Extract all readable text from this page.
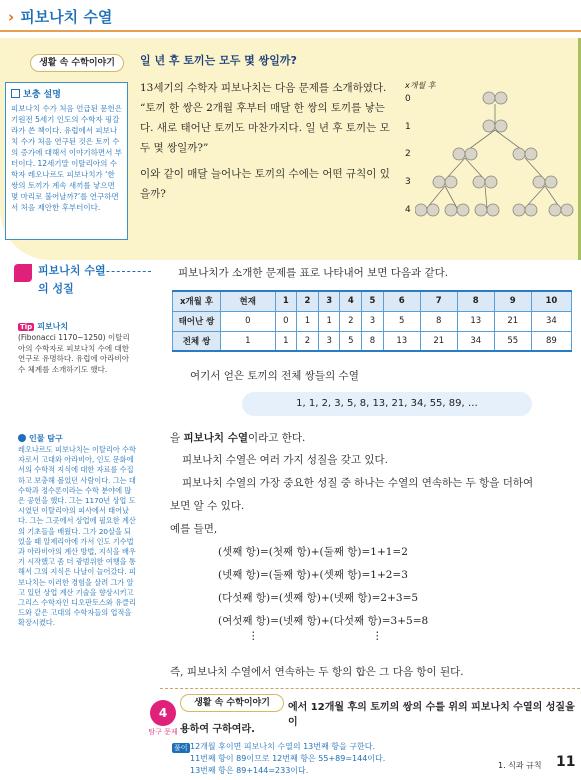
› 피보나치 수열
생활 속 수학이야기	일 년 후 토끼는 모두 몇 쌍일까?
보충 설명
피보나치 수가 처음 언급된 문헌은 기원전 5세기 인도의 수학자 핑갈라가 쓴 책이다. 유럽에서 피보나치 수가 처음 연구된 것은 토끼 수의 증가에 대해서 이야기하면서 부터이다. 12세기말 이탈리아의 수학자 레오나르도 피보나치가 ‘한 쌍의 토끼가 계속 새끼를 낳으면 몇 마리로 불어날까?’를 연구하면서 처음 제안한 후부터이다.
13세기의 수학자 피보나치는 다음 문제를 소개하였다. “토끼 한 쌍은 2개월 후부터 매달 한 쌍의 토끼를 낳는다. 새로 태어난 토끼도 마찬가지다. 일 년 후 토끼는 모두 몇 쌍일까?”
이와 같이 매달 늘어나는 토끼의 수에는 어떤 규칙이 있을까?
x개월 후
0
1
2
3
4
피보나치 수열
의 성질
Tip 피보나치
(Fibonacci 1170~1250) 이탈리아의 수학자로 피보나치 수에 대한 연구로 유명하다. 유럽에 아라비아 수 체계를 소개하기도 했다.
인물 탐구
레오나르도 피보나치는 이탈리아 수학자로서 고대와 아라비아, 인도 문화에서의 수학적 지식에 대한 자료를 수집하고 보충해 볼었던 사람이다. 그는 대수학과 정수론이라는 수학 분야에 많은 공헌을 했다. 그는 1170년 상업 도시였던 이탈리아의 피사에서 태어났다. 그는 그곳에서 상업에 필요한 계산의 기초들을 배웠다. 그가 20살을 되었을 때 알제리아에 가서 인도 기수법과 아라비아의 계산 방법, 지식을 배우기 시작했고 좀 더 광범위한 여행을 통해서 그의 지식은 나날이 늘어갔다. 피보나치는 이러한 경험을 살려 그가 알고 있던 상업 계산 기술을 향상시키고 그리스 수학자인 디오판토스와 유클리드와 같은 고대의 수학자들의 업적을 확장시켰다.
피보나치가 소개한 문제를 표로 나타내어 보면 다음과 같다.
x개월 후	현재	1	2	3	4	5	6	7	8	9	10
태어난 쌍	0	0	1	1	2	3	5	8	13	21	34
전체 쌍	1	1	2	3	5	8	13	21	34	55	89
여기서 얻은 토끼의 전체 쌍들의 수열
1, 1, 2, 3, 5, 8, 13, 21, 34, 55, 89, …
을 피보나치 수열이라고 한다.
피보나치 수열은 여러 가지 성질을 갖고 있다.
피보나치 수열의 가장 중요한 성질 중 하나는 수열의 연속하는 두 항을 더하여
보면 알 수 있다.
예를 들면,
(셋째 항)=(첫째 항)+(둘째 항)=1+1=2
(넷째 항)=(둘째 항)+(셋째 항)=1+2=3
(다섯째 항)=(셋째 항)+(넷째 항)=2+3=5
(여섯째 항)=(넷째 항)+(다섯째 항)=3+5=8
⋮	⋮
즉, 피보나치 수열에서 연속하는 두 항의 합은 그 다음 항이 된다.
4
탐구 문제
생활 속 수학이야기	에서 12개월 후의 토끼의 쌍의 수를 위의 피보나치 수열의 성질을 이
용하여 구하여라.
풀이 12개월 후이면 피보나치 수열의 13번째 항을 구한다.
11번째 항이 89이므로 12번째 항은 55+89=144이다.
13번째 항은 89+144=233이다.
1. 식과 규칙 11
